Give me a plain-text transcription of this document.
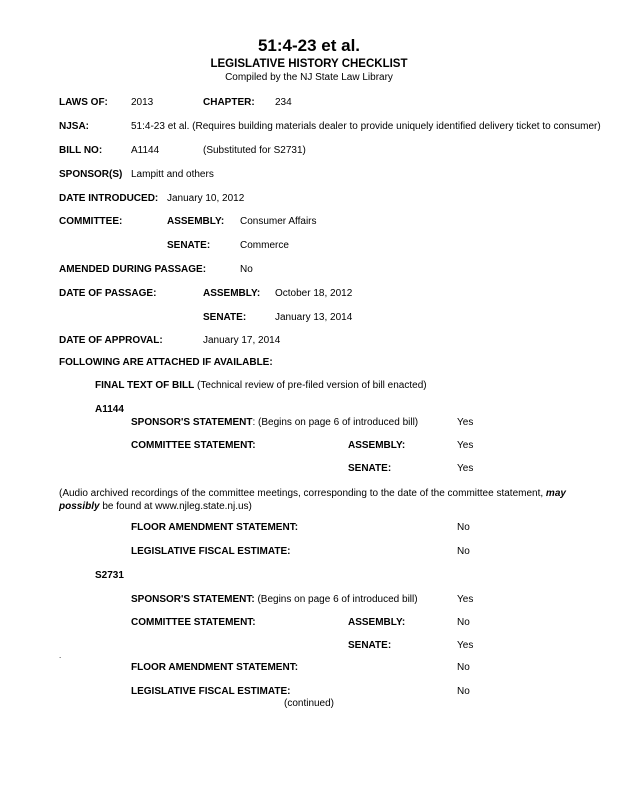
51:4-23 et al.
LEGISLATIVE HISTORY CHECKLIST
Compiled by the NJ State Law Library
LAWS OF: 2013	CHAPTER: 234
NJSA:	51:4-23 et al. (Requires building materials dealer to provide uniquely identified delivery ticket to consumer)
BILL NO:	A1144	(Substituted for S2731)
SPONSOR(S) Lampitt and others
DATE INTRODUCED: January 10, 2012
COMMITTEE:	ASSEMBLY: Consumer Affairs
SENATE:	Commerce
AMENDED DURING PASSAGE:	No
DATE OF PASSAGE:	ASSEMBLY: October 18, 2012
SENATE:	January 13, 2014
DATE OF APPROVAL:	January 17, 2014
FOLLOWING ARE ATTACHED IF AVAILABLE:
FINAL TEXT OF BILL (Technical review of pre-filed version of bill enacted)
A1144
SPONSOR'S STATEMENT: (Begins on page 6 of introduced bill)	Yes
COMMITTEE STATEMENT:	ASSEMBLY:	Yes
SENATE:	Yes
(Audio archived recordings of the committee meetings, corresponding to the date of the committee statement, may possibly be found at www.njleg.state.nj.us)
FLOOR AMENDMENT STATEMENT:	No
LEGISLATIVE FISCAL ESTIMATE:	No
S2731
SPONSOR'S STATEMENT: (Begins on page 6 of introduced bill)	Yes
COMMITTEE STATEMENT:	ASSEMBLY:	No
SENATE:	Yes
.
FLOOR AMENDMENT STATEMENT:	No
LEGISLATIVE FISCAL ESTIMATE:	No
(continued)
